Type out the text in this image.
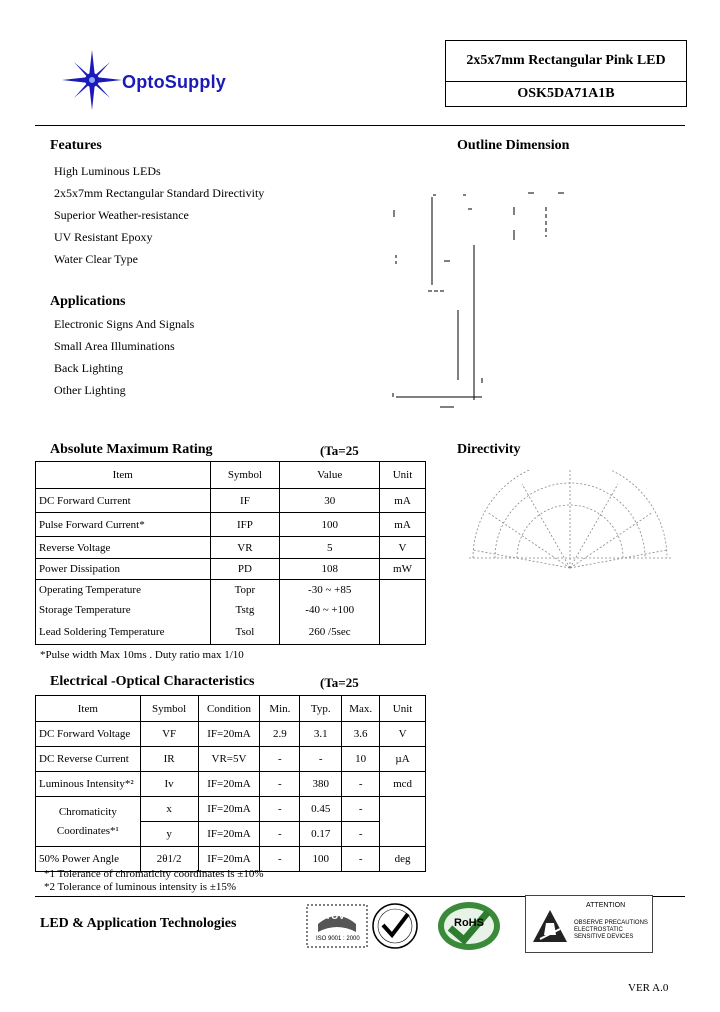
OptoSupply
2x5x7mm Rectangular Pink LED
OSK5DA71A1B
Features
High Luminous LEDs
2x5x7mm Rectangular Standard Directivity
Superior Weather-resistance
UV Resistant Epoxy
Water Clear Type
Applications
Electronic Signs And Signals
Small Area Illuminations
Back Lighting
Other Lighting
Outline Dimension
Directivity
Absolute Maximum Rating	(Ta=25
Item	Symbol	Value	Unit
DC Forward Current	IF	30	mA
Pulse Forward Current*	IFP	100	mA
Reverse Voltage	VR	5	V
Power Dissipation	PD	108	mW
Operating Temperature	Topr	-30 ~ +85	
Storage Temperature	Tstg	-40 ~ +100	
Lead Soldering Temperature	Tsol	260 /5sec	
*Pulse width Max 10ms . Duty ratio max 1/10
Electrical -Optical Characteristics	(Ta=25
Item	Symbol	Condition	Min.	Typ.	Max.	Unit
DC Forward Voltage	VF	IF=20mA	2.9	3.1	3.6	V
DC Reverse Current	IR	VR=5V	-	-	10	µA
Luminous Intensity*²	Iv	IF=20mA	-	380	-	mcd

Chromaticity
Coordinates*¹	x	IF=20mA	-	0.45	-	
	y	IF=20mA	-	0.17	-	
50% Power Angle	2θ1/2	IF=20mA	-	100	-	deg
*1 Tolerance of chromaticity coordinates is ±10%
*2 Tolerance of luminous intensity is ±15%
LED & Application Technologies	TÜV
ISO 9001 : 2000
RoHS
ATTENTION
OBSERVE PRECAUTIONS
ELECTROSTATIC
SENSITIVE DEVICES
VER A.0
